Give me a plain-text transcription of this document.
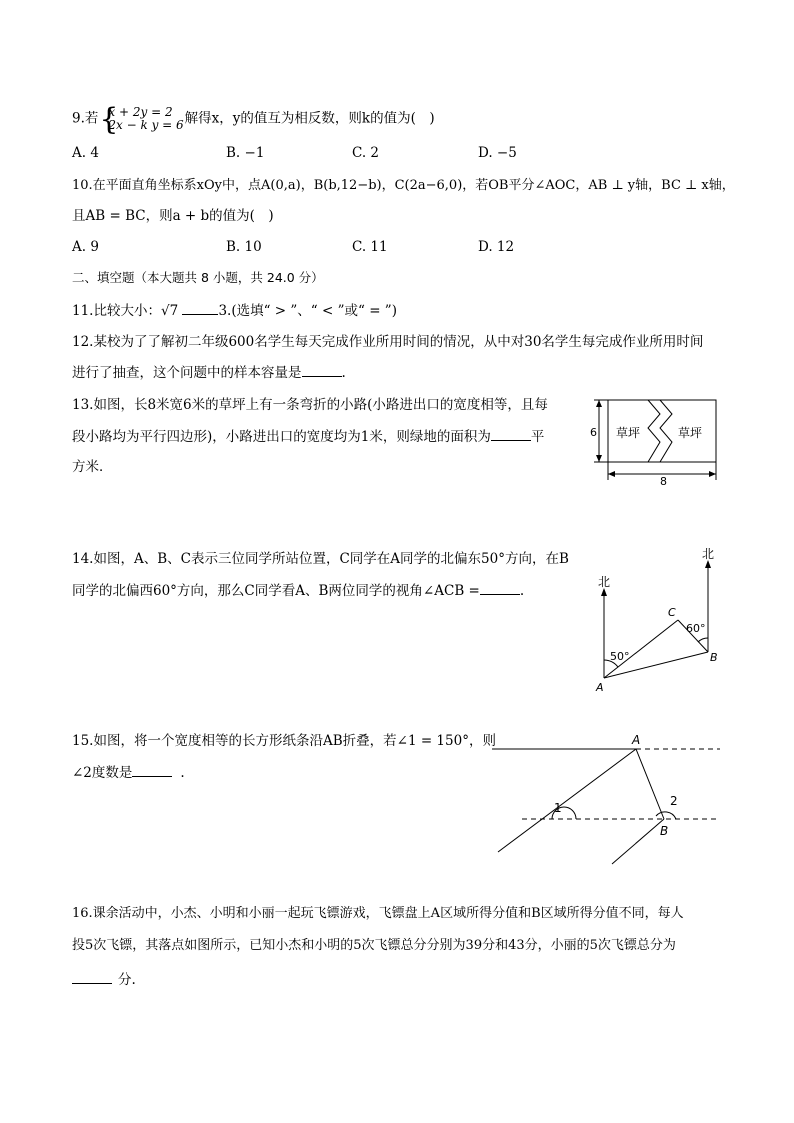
9.若 {
x + 2y = 2
2x − k y = 6 解得x，y的值互为相反数，则k的值为(　)
A. 4	B. −1	C. 2	D. −5
10.在平面直角坐标系xOy中，点A(0,a)，B(b,12−b)，C(2a−6,0)，若OB平分∠AOC，AB ⊥ y轴，BC ⊥ x轴，
且AB = BC，则a + b的值为(　)
A. 9	B. 10	C. 11	D. 12
二、填空题（本大题共 8 小题，共 24.0 分）
11.比较大小：√7	3.(选填“ > ”、“ < ”或“ = ”)
12.某校为了了解初二年级600名学生每天完成作业所用时间的情况，从中对30名学生每完成作业所用时间
进行了抽查，这个问题中的样本容量是	.
13.如图，长8米宽6米的草坪上有一条弯折的小路(小路进出口的宽度相等，且每
段小路均为平行四边形)，小路进出口的宽度均为1米，则绿地的面积为	平
方米．
草坪	草坪
6
8
14.如图，A、B、C表示三位同学所站位置，C同学在A同学的北偏东50°方向，在B
同学的北偏西60°方向，那么C同学看A、B两位同学的视角∠ACB =	.
北
北
50°
60°
A
B
C
15.如图，将一个宽度相等的长方形纸条沿AB折叠，若∠1 = 150°，则
∠2度数是	.
A
B
1	2
16.课余活动中，小杰、小明和小丽一起玩飞镖游戏，飞镖盘上A区域所得分值和B区域所得分值不同，每人
投5次飞镖，其落点如图所示，已知小杰和小明的5次飞镖总分分别为39分和43分，小丽的5次飞镖总分为
分.
